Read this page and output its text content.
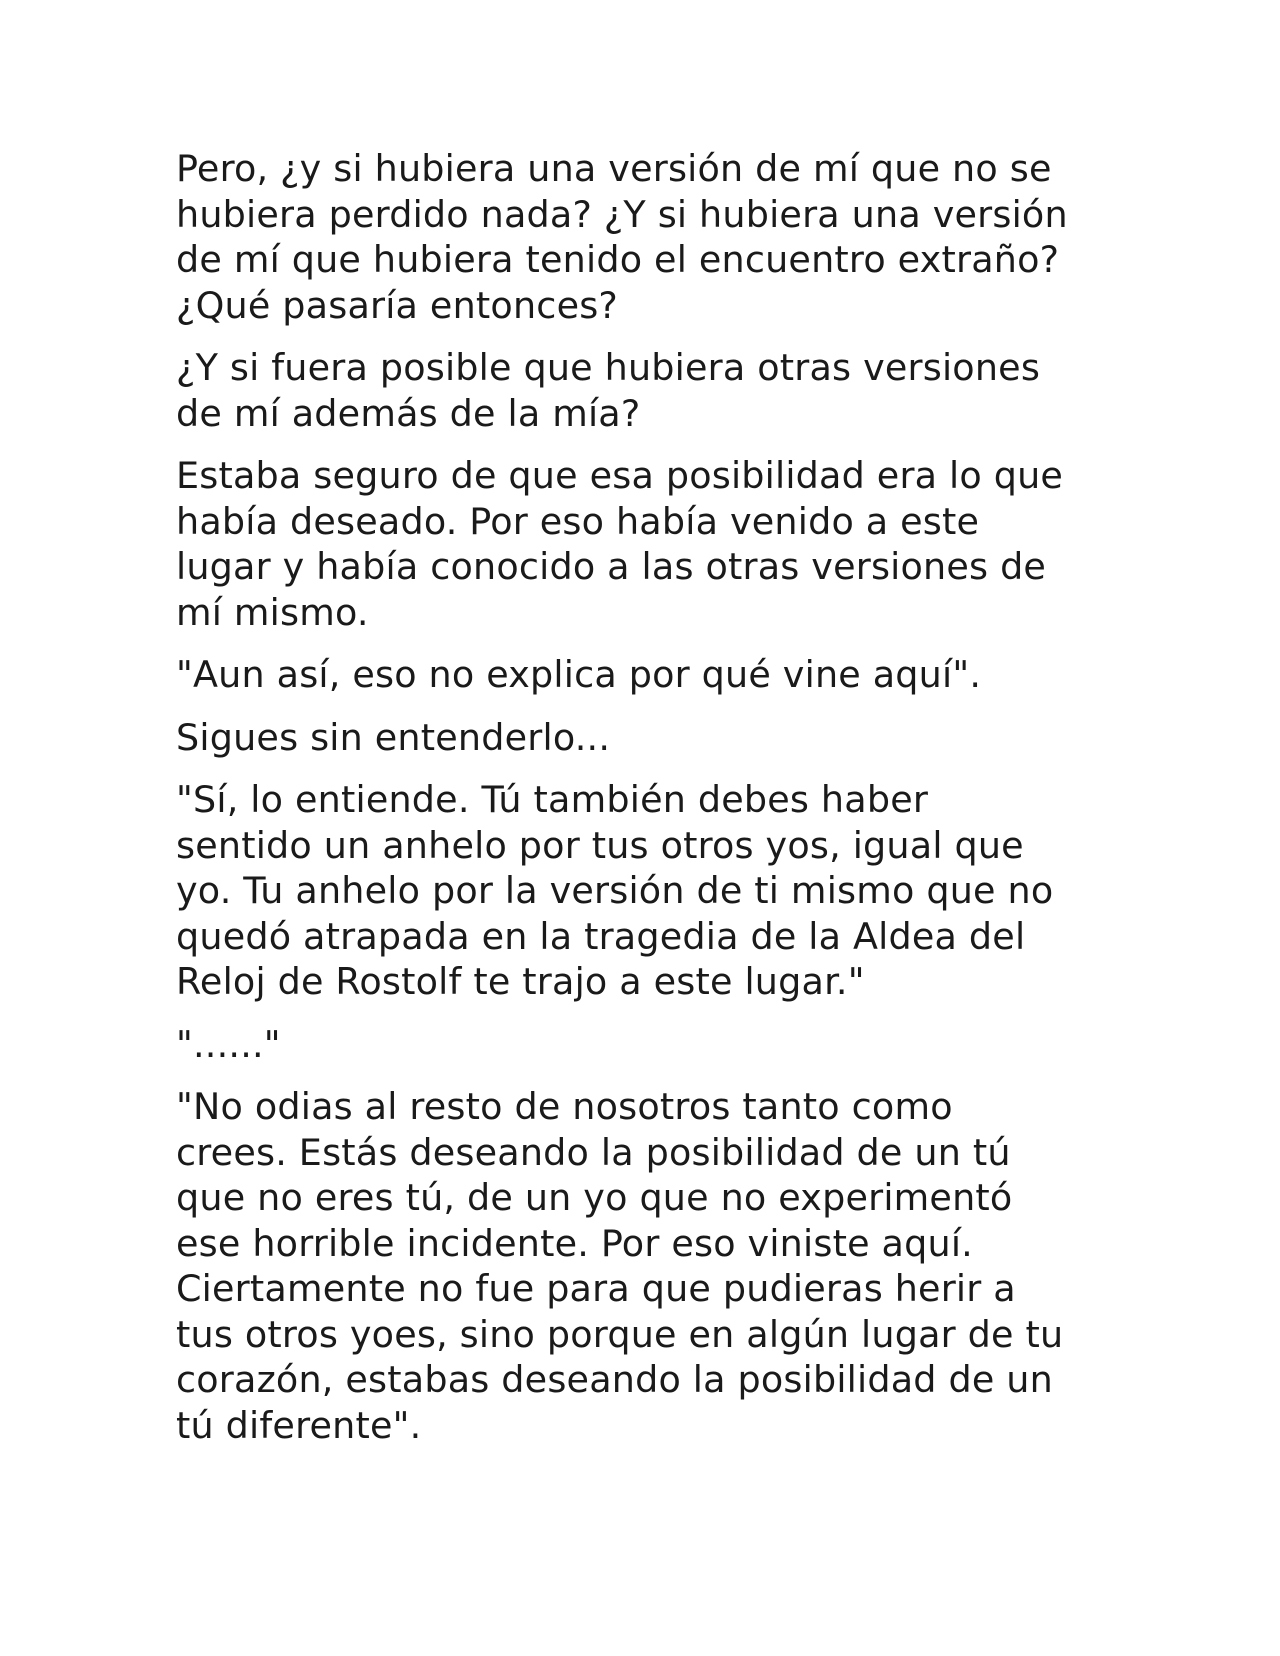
Pero, ¿y si hubiera una versión de mí que no se
hubiera perdido nada? ¿Y si hubiera una versión
de mí que hubiera tenido el encuentro extraño?
¿Qué pasaría entonces?

¿Y si fuera posible que hubiera otras versiones
de mí además de la mía?

Estaba seguro de que esa posibilidad era lo que
había deseado. Por eso había venido a este
lugar y había conocido a las otras versiones de
mí mismo.

"Aun así, eso no explica por qué vine aquí".

Sigues sin entenderlo...

"Sí, lo entiende. Tú también debes haber
sentido un anhelo por tus otros yos, igual que
yo. Tu anhelo por la versión de ti mismo que no
quedó atrapada en la tragedia de la Aldea del
Reloj de Rostolf te trajo a este lugar."

"......"

"No odias al resto de nosotros tanto como
crees. Estás deseando la posibilidad de un tú
que no eres tú, de un yo que no experimentó
ese horrible incidente. Por eso viniste aquí.
Ciertamente no fue para que pudieras herir a
tus otros yoes, sino porque en algún lugar de tu
corazón, estabas deseando la posibilidad de un
tú diferente".
